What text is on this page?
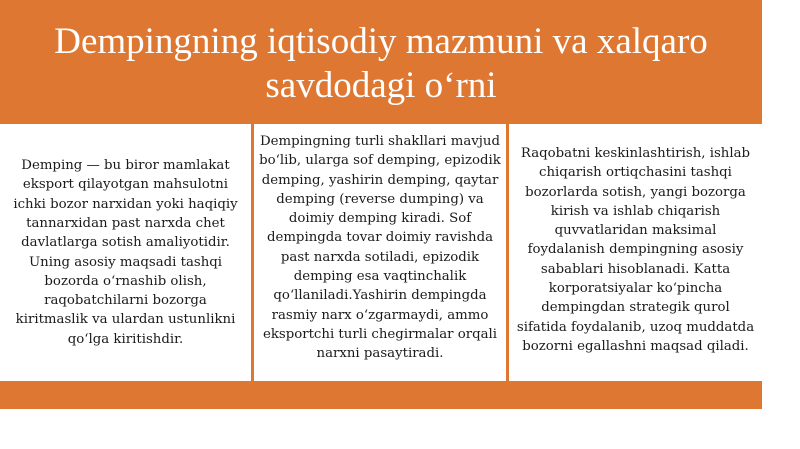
Dempingning iqtisodiy mazmuni va xalqaro
savdodagi o‘rni

Demping — bu biror mamlakat eksport qilayotgan mahsulotni ichki bozor narxidan yoki haqiqiy tannarxidan past narxda chet davlatlarga sotish amaliyotidir. Uning asosiy maqsadi tashqi bozorda o‘rnashib olish, raqobatchilarni bozorga kiritmaslik va ulardan ustunlikni qo‘lga kiritishdir.

Dempingning turli shakllari mavjud bo‘lib, ularga sof demping, epizodik demping, yashirin demping, qaytar demping (reverse dumping) va doimiy demping kiradi. Sof dempingda tovar doimiy ravishda past narxda sotiladi, epizodik demping esa vaqtinchalik qo‘llaniladi.Yashirin dempingda rasmiy narx o‘zgarmaydi, ammo eksportchi turli chegirmalar orqali narxni pasaytiradi.

Raqobatni keskinlashtirish, ishlab chiqarish ortiqchasini tashqi bozorlarda sotish, yangi bozorga kirish va ishlab chiqarish quvvatlaridan maksimal foydalanish dempingning asosiy sabablari hisoblanadi. Katta korporatsiyalar ko‘pincha dempingdan strategik qurol sifatida foydalanib, uzoq muddatda bozorni egallashni maqsad qiladi.
